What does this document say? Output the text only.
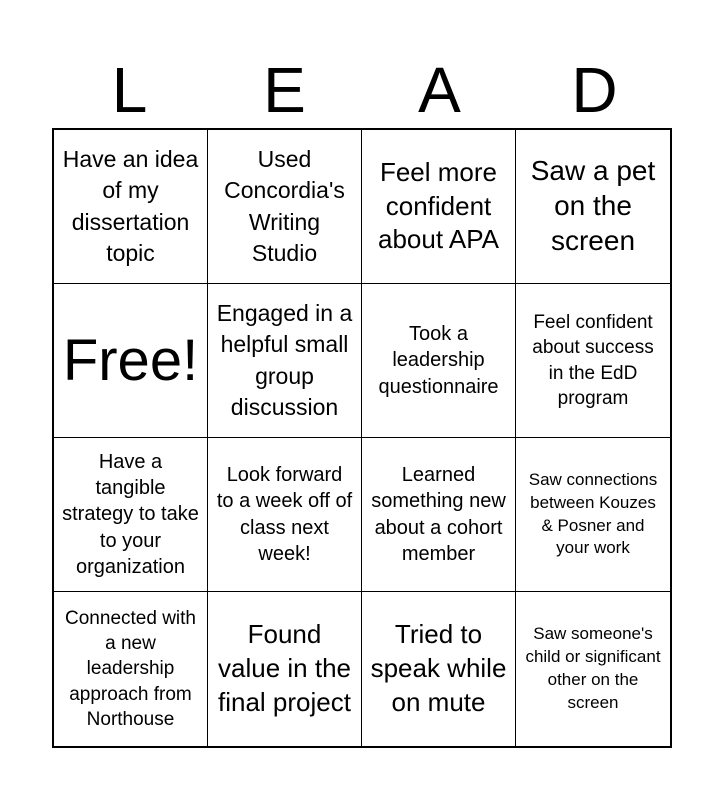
L	E	A	D
Have an idea of my dissertation topic
Used Concordia's Writing Studio
Feel more confident about APA
Saw a pet on the screen
Free!
Engaged in a helpful small group discussion
Took a leadership questionnaire
Feel confident about success in the EdD program
Have a tangible strategy to take to your organization
Look forward to a week off of class next week!
Learned something new about a cohort member
Saw connections between Kouzes & Posner and your work
Connected with a new leadership approach from Northouse
Found value in the final project
Tried to speak while on mute
Saw someone's child or significant other on the screen
